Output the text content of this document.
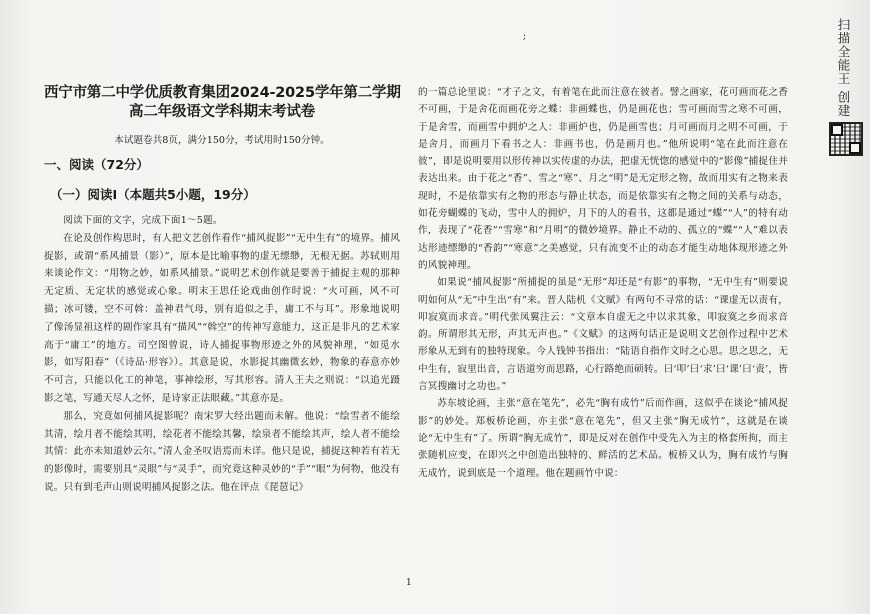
;
西宁市第二中学优质教育集团2024-2025学年第二学期
高二年级语文学科期末考试卷
本试题卷共8页，满分150分，考试用时150分钟。
一、阅读（72分）
（一）阅读Ⅰ（本题共5小题，19分）

阅读下面的文字，完成下面1～5题。

在论及创作构思时，有人把文艺创作看作“捕风捉影”“无中生有”的境界。捕风捉影，或谓“系风捕景（影）”，原本是比喻事物的虚无缥缈，无根无据。苏轼则用来谈论作文：“用物之妙，如系风捕景。”说明艺术创作就是要善于捕捉主观的那种无定质、无定状的感觉或心象。明末王思任论戏曲创作时说：“火可画，风不可描；冰可镂，空不可斡：盖神君气母，别有追似之手，庸工不与耳”。形象地说明了像汤显祖这样的剧作家具有“描风”“斡空”的传神写意能力，这正是非凡的艺术家高于“庸工”的地方。司空图曾说，诗人捕捉事物形迹之外的风貌神理，“如觅水影，如写阳春”（《诗品·形容》）。其意是说，水影捉其幽微玄妙，物象的春意亦妙不可言，只能以化工的神笔，事神绘形，写其形容。清人王夫之则说：“以追光蹑影之笔，写通天尽人之怀，是诗家正法眼藏。”其意亦是。

那么，究竟如何捕风捉影呢？南宋罗大经出题而未解。他说：“绘雪者不能绘其清，绘月者不能绘其明，绘花者不能绘其馨，绘泉者不能绘其声，绘人者不能绘其情：此亦未知道妙云尔。”清人金圣叹语焉而未详。他只是说，捕捉这种若有若无的影像时，需要别具“灵眼”与“灵手”，而究竟这种灵妙的“手”“眼”为何物，他没有说。只有到毛声山则说明捕风捉影之法。他在评点《琵琶记》

的一篇总论里说：“才子之文，有着笔在此而注意在彼者。譬之画家，花可画而花之香不可画，于是舍花而画花旁之蝶：非画蝶也，仍是画花也；雪可画而雪之寒不可画，于是舍雪，而画雪中拥炉之人：非画炉也，仍是画雪也；月可画而月之明不可画，于是舍月，而画月下看书之人：非画书也，仍是画月也。”他所说明“笔在此而注意在彼”，即是说明要用以形传神以实传虚的办法，把虚无恍惚的感觉中的“影像”捕捉住并表达出来。由于花之“香”、雪之“寒”、月之“明”是无定形之物，故而用实有之物来表现时，不是依靠实有之物的形态与静止状态，而是依靠实有之物之间的关系与动态，如花旁蝴蝶的飞动，雪中人的拥炉，月下的人的看书，这都是通过“蝶”“人”的特有动作，表现了“花香”“雪寒”和“月明”的微妙境界。静止不动的、孤立的“蝶”“人”难以表达形迹缥缈的“香韵”“寒意”之美感觉，只有流变不止的动态才能生动地体现形迹之外的风貌神理。

如果说“捕风捉影”所捕捉的虽是“无形”却还是“有影”的事物，“无中生有”则要说明如何从“无”中生出“有”来。晋人陆机《文赋》有两句不寻常的话：“课虚无以责有，叩寂寞而求音。”明代张凤翼注云：“文章本自虚无之中以求其象，叩寂寞之乡而求音韵。所谓形其无形，声其无声也。”《文赋》的这两句话正是说明文艺创作过程中艺术形象从无到有的独特现象。今人钱钟书指出：“陆语自指作文时之心思。思之思之，无中生有，寂里出音，言语道穷而思路，心行路绝而硕转。曰‘叩’曰‘求’曰‘课’曰‘责’，皆言冥搜幽讨之功也。”

苏东坡论画，主张“意在笔先”，必先“胸有成竹”后而作画，这似乎在谈论“捕风捉影”的妙处。郑板桥论画，亦主张“意在笔先”，但又主张“胸无成竹”，这就是在谈论“无中生有”了。所谓“胸无成竹”，即是反对在创作中受先入为主的格套所拘，而主张随机应变，在即兴之中创造出独特的、鲜活的艺术品。板桥又认为，胸有成竹与胸无成竹，说到底是一个道理。他在题画竹中说：

1
扫描全能王 创建
